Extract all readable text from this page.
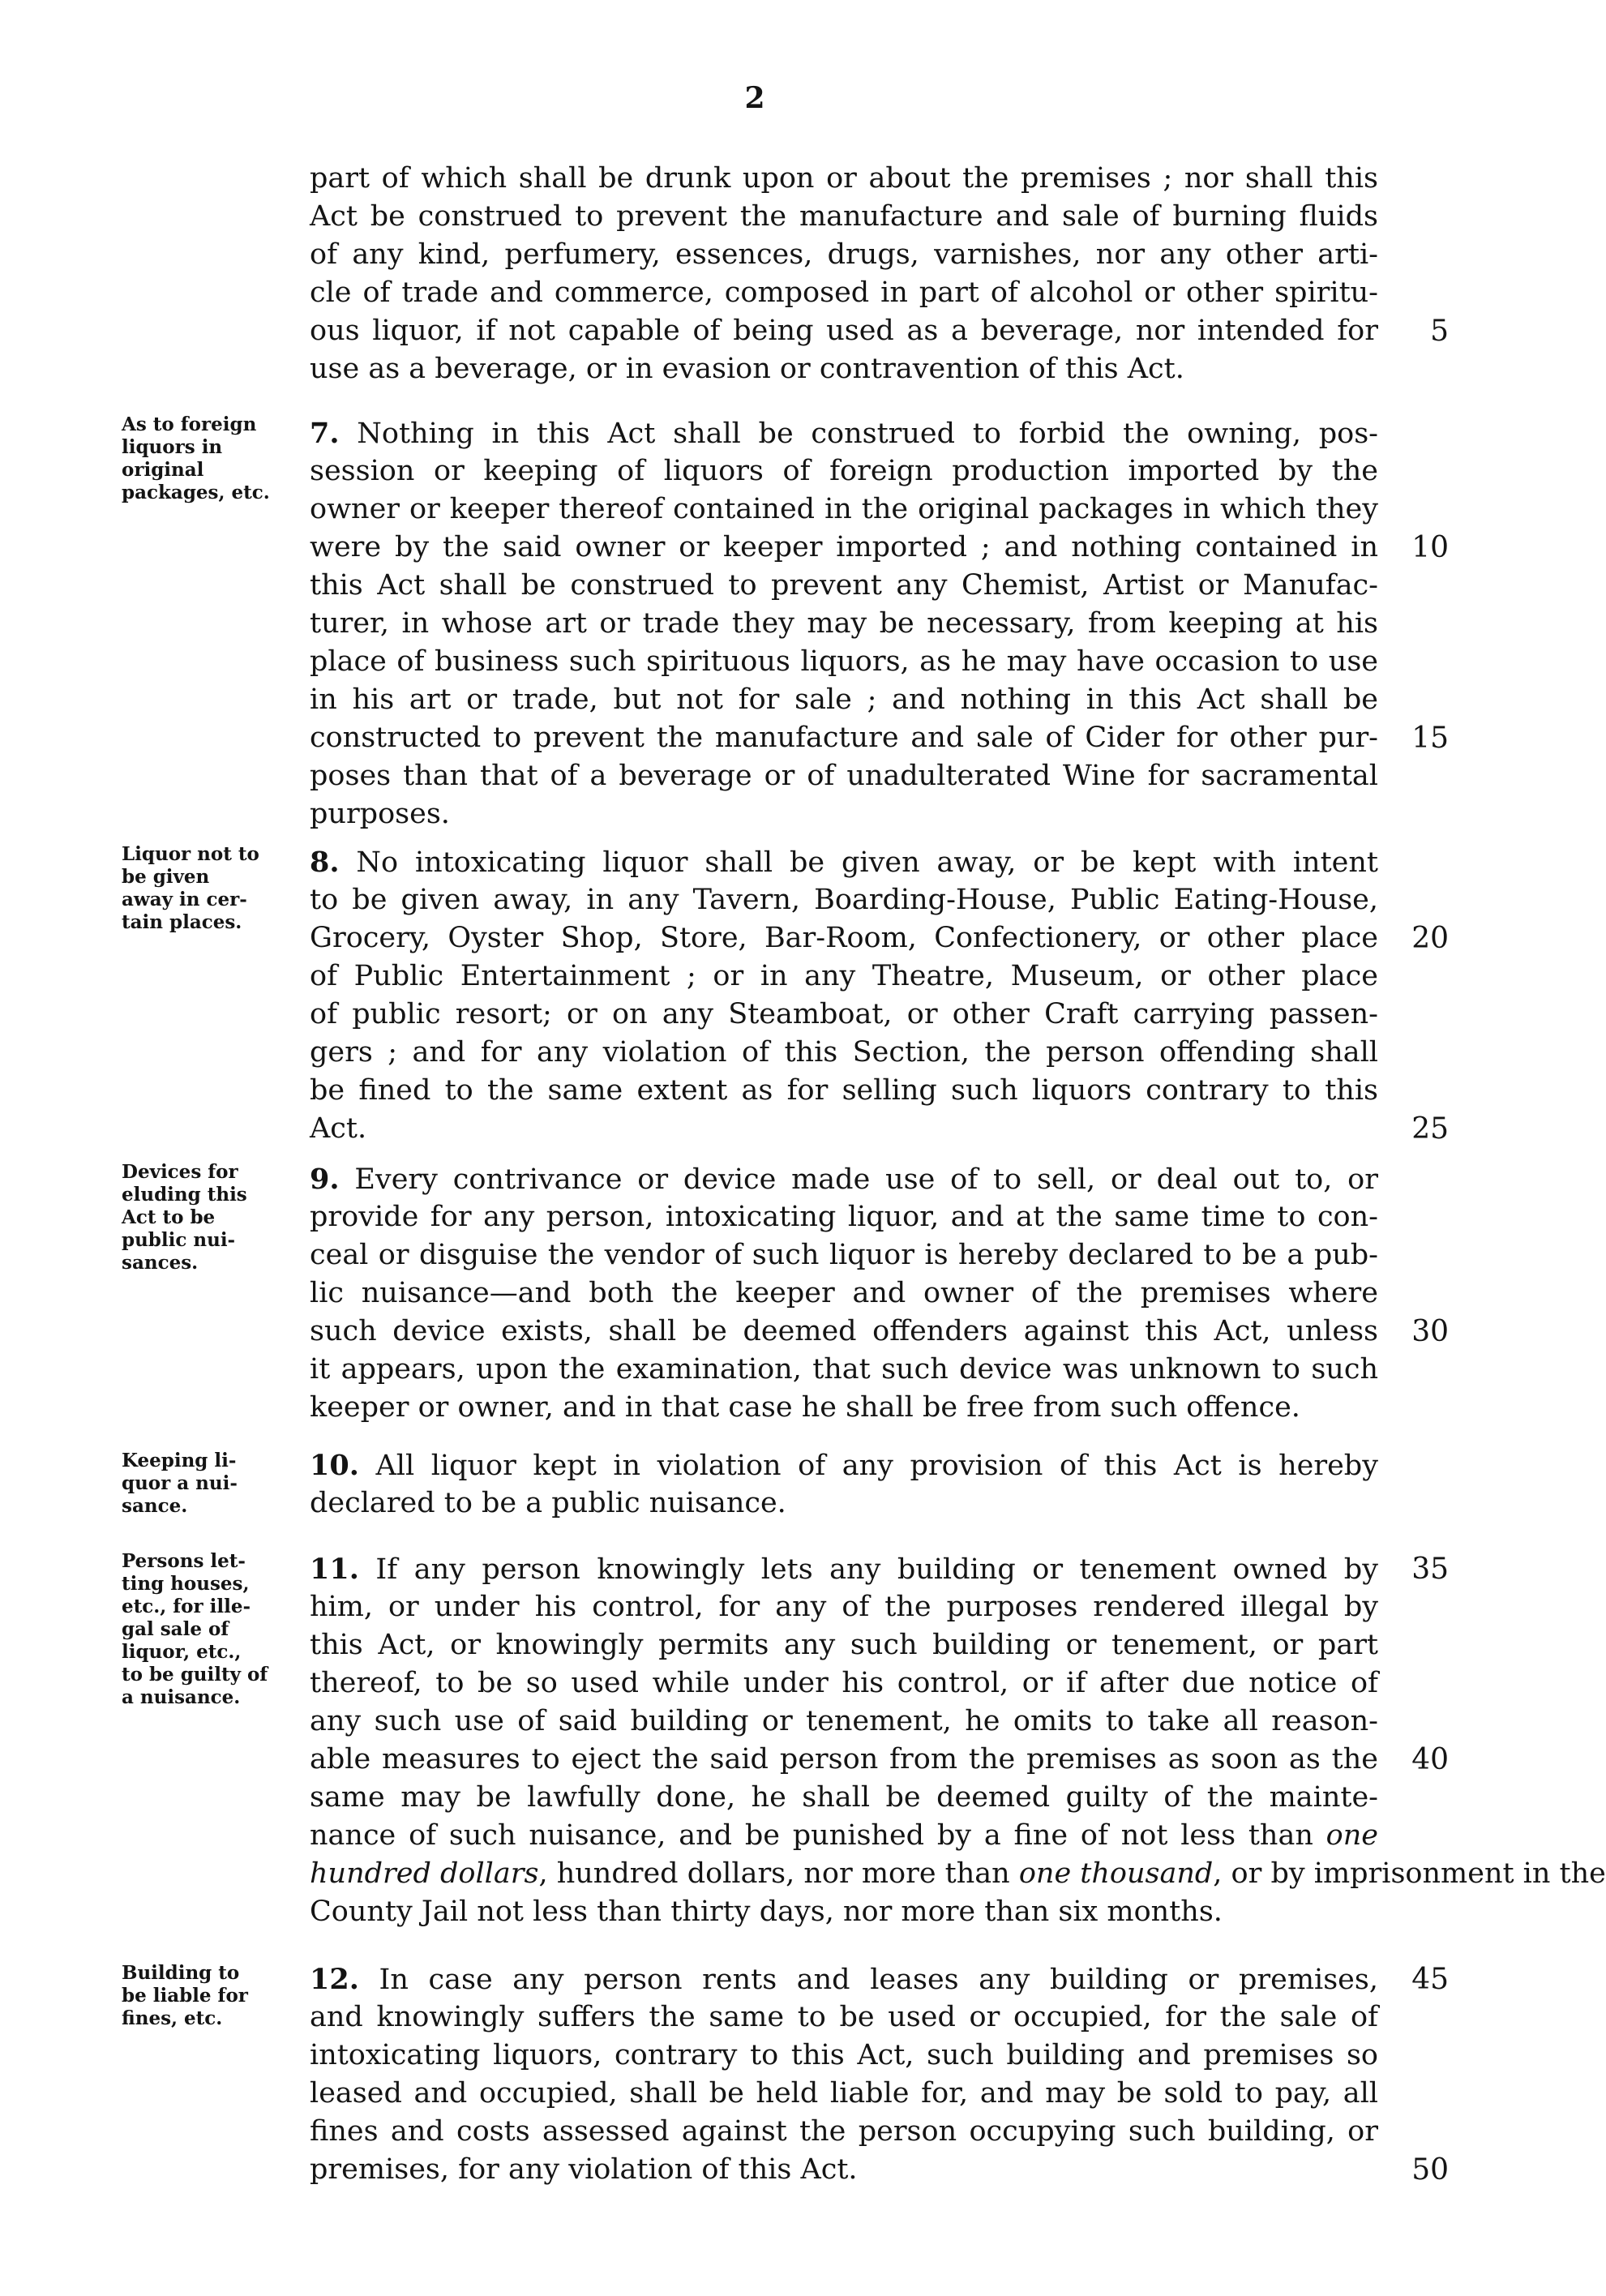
2
part of which shall be drunk upon or about the premises ; nor shall this
Act be construed to prevent the manufacture and sale of burning fluids
of any kind, perfumery, essences, drugs, varnishes, nor any other arti-
cle of trade and commerce, composed in part of alcohol or other spiritu-
ous liquor, if not capable of being used as a beverage, nor intended for
use as a beverage, or in evasion or contravention of this Act.
As to foreign
liquors in
original
packages, etc.
7. Nothing in this Act shall be construed to forbid the owning, pos-
session or keeping of liquors of foreign production imported by the
owner or keeper thereof contained in the original packages in which they
were by the said owner or keeper imported ; and nothing contained in
this Act shall be construed to prevent any Chemist, Artist or Manufac-
turer, in whose art or trade they may be necessary, from keeping at his
place of business such spirituous liquors, as he may have occasion to use
in his art or trade, but not for sale ; and nothing in this Act shall be
constructed to prevent the manufacture and sale of Cider for other pur-
poses than that of a beverage or of unadulterated Wine for sacramental
purposes.
Liquor not to
be given
away in cer-
tain places.
8. No intoxicating liquor shall be given away, or be kept with intent
to be given away, in any Tavern, Boarding-House, Public Eating-House,
Grocery, Oyster Shop, Store, Bar-Room, Confectionery, or other place
of Public Entertainment ; or in any Theatre, Museum, or other place
of public resort; or on any Steamboat, or other Craft carrying passen-
gers ; and for any violation of this Section, the person offending shall
be fined to the same extent as for selling such liquors contrary to this
Act.
Devices for
eluding this
Act to be
public nui-
sances.
9. Every contrivance or device made use of to sell, or deal out to, or
provide for any person, intoxicating liquor, and at the same time to con-
ceal or disguise the vendor of such liquor is hereby declared to be a pub-
lic nuisance—and both the keeper and owner of the premises where
such device exists, shall be deemed offenders against this Act, unless
it appears, upon the examination, that such device was unknown to such
keeper or owner, and in that case he shall be free from such offence.
Keeping li-
quor a nui-
sance.
10. All liquor kept in violation of any provision of this Act is hereby
declared to be a public nuisance.
Persons let-
ting houses,
etc., for ille-
gal sale of
liquor, etc.,
to be guilty of
a nuisance.
11. If any person knowingly lets any building or tenement owned by
him, or under his control, for any of the purposes rendered illegal by
this Act, or knowingly permits any such building or tenement, or part
thereof, to be so used while under his control, or if after due notice of
any such use of said building or tenement, he omits to take all reason-
able measures to eject the said person from the premises as soon as the
same may be lawfully done, he shall be deemed guilty of the mainte-
nance of such nuisance, and be punished by a fine of not less than one
hundred dollars, hundred dollars, nor more than one thousand, or by imprisonment in the
County Jail not less than thirty days, nor more than six months.
Building to
be liable for
fines, etc.
12. In case any person rents and leases any building or premises,
and knowingly suffers the same to be used or occupied, for the sale of
intoxicating liquors, contrary to this Act, such building and premises so
leased and occupied, shall be held liable for, and may be sold to pay, all
fines and costs assessed against the person occupying such building, or
premises, for any violation of this Act.
5
10
15
20
25
30
35
40
45
50
